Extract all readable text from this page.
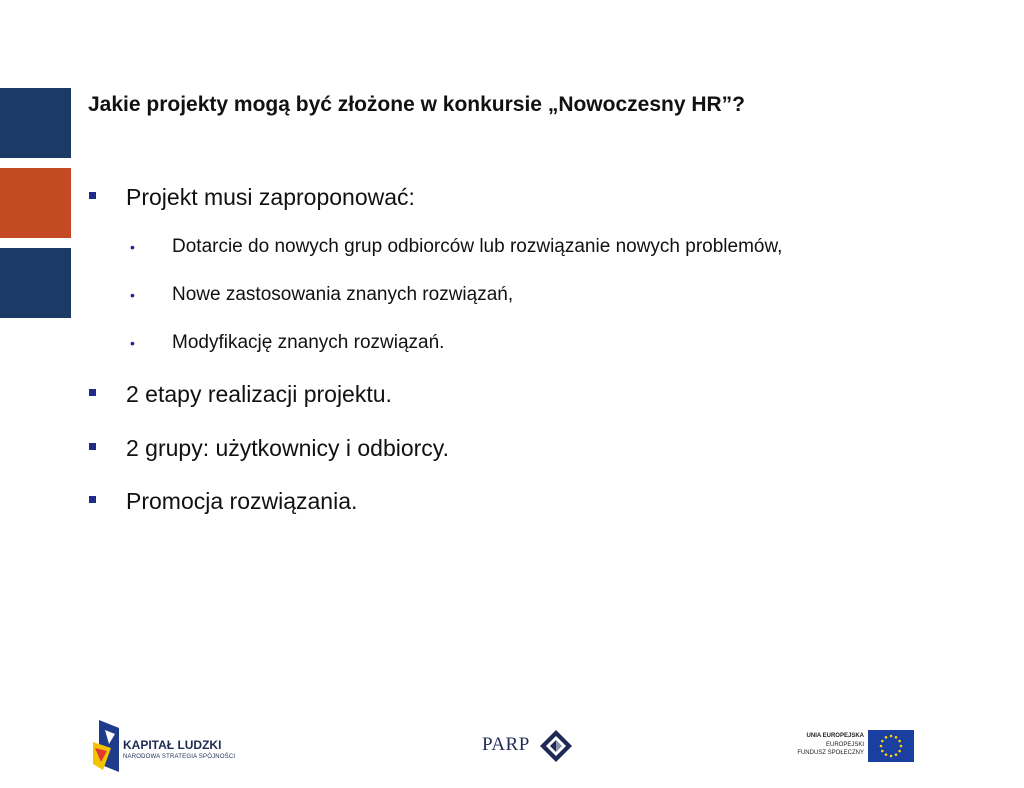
Jakie projekty mogą być złożone w konkursie „Nowoczesny HR”?
Projekt musi zaproponować:
• Dotarcie do nowych grup odbiorców lub rozwiązanie nowych problemów,
• Nowe zastosowania znanych rozwiązań,
• Modyfikację znanych rozwiązań.
2 etapy realizacji projektu.
2 grupy: użytkownicy i odbiorcy.
Promocja rozwiązania.
KAPITAŁ LUDZKI
NARODOWA STRATEGIA SPÓJNOŚCI
PARP	UNIA EUROPEJSKA
EUROPEJSKI
FUNDUSZ SPOŁECZNY
